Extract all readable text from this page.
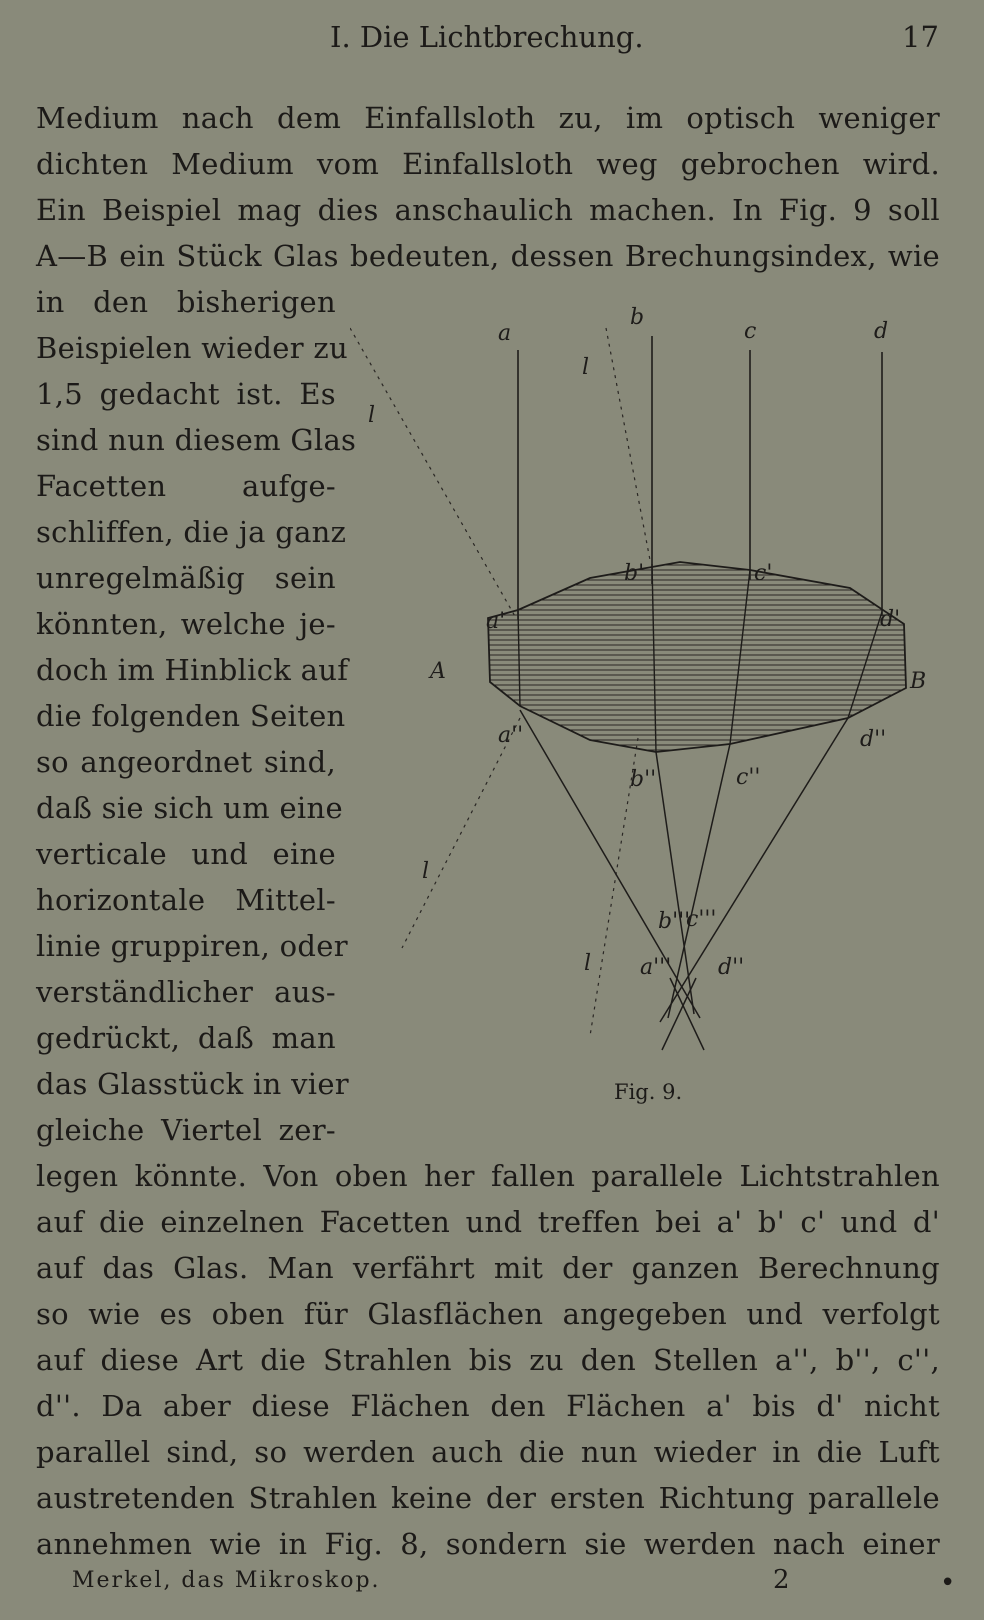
I. Die Lichtbrechung.	17
Medium nach dem Einfallsloth zu, im optisch weniger
dichten Medium vom Einfallsloth weg gebrochen wird.
Ein Beispiel mag dies anschaulich machen. In Fig. 9 soll
A—B ein Stück Glas bedeuten, dessen Brechungsindex, wie
in den bisherigen
Beispielen wieder zu
1,5 gedacht ist. Es
sind nun diesem Glas
Facetten aufge-
schliffen, die ja ganz
unregelmäßig sein
könnten, welche je-
doch im Hinblick auf
die folgenden Seiten
so angeordnet sind,
daß sie sich um eine
verticale und eine
horizontale Mittel-
linie gruppiren, oder
verständlicher aus-
gedrückt, daß man
das Glasstück in vier
gleiche Viertel zer-
a
b
c	d
l
l
l
l
a'
b'	c'
d'
A	B
a''
b''	c''
d''
a'''
b'''
c'''
d''
Fig. 9.
legen könnte. Von oben her fallen parallele Lichtstrahlen
auf die einzelnen Facetten und treffen bei a' b' c' und d'
auf das Glas. Man verfährt mit der ganzen Berechnung
so wie es oben für Glasflächen angegeben und verfolgt
auf diese Art die Strahlen bis zu den Stellen a'', b'', c'',
d''. Da aber diese Flächen den Flächen a' bis d' nicht
parallel sind, so werden auch die nun wieder in die Luft
austretenden Strahlen keine der ersten Richtung parallele
annehmen wie in Fig. 8, sondern sie werden nach einer
Merkel, das Mikroskop.	2	•
